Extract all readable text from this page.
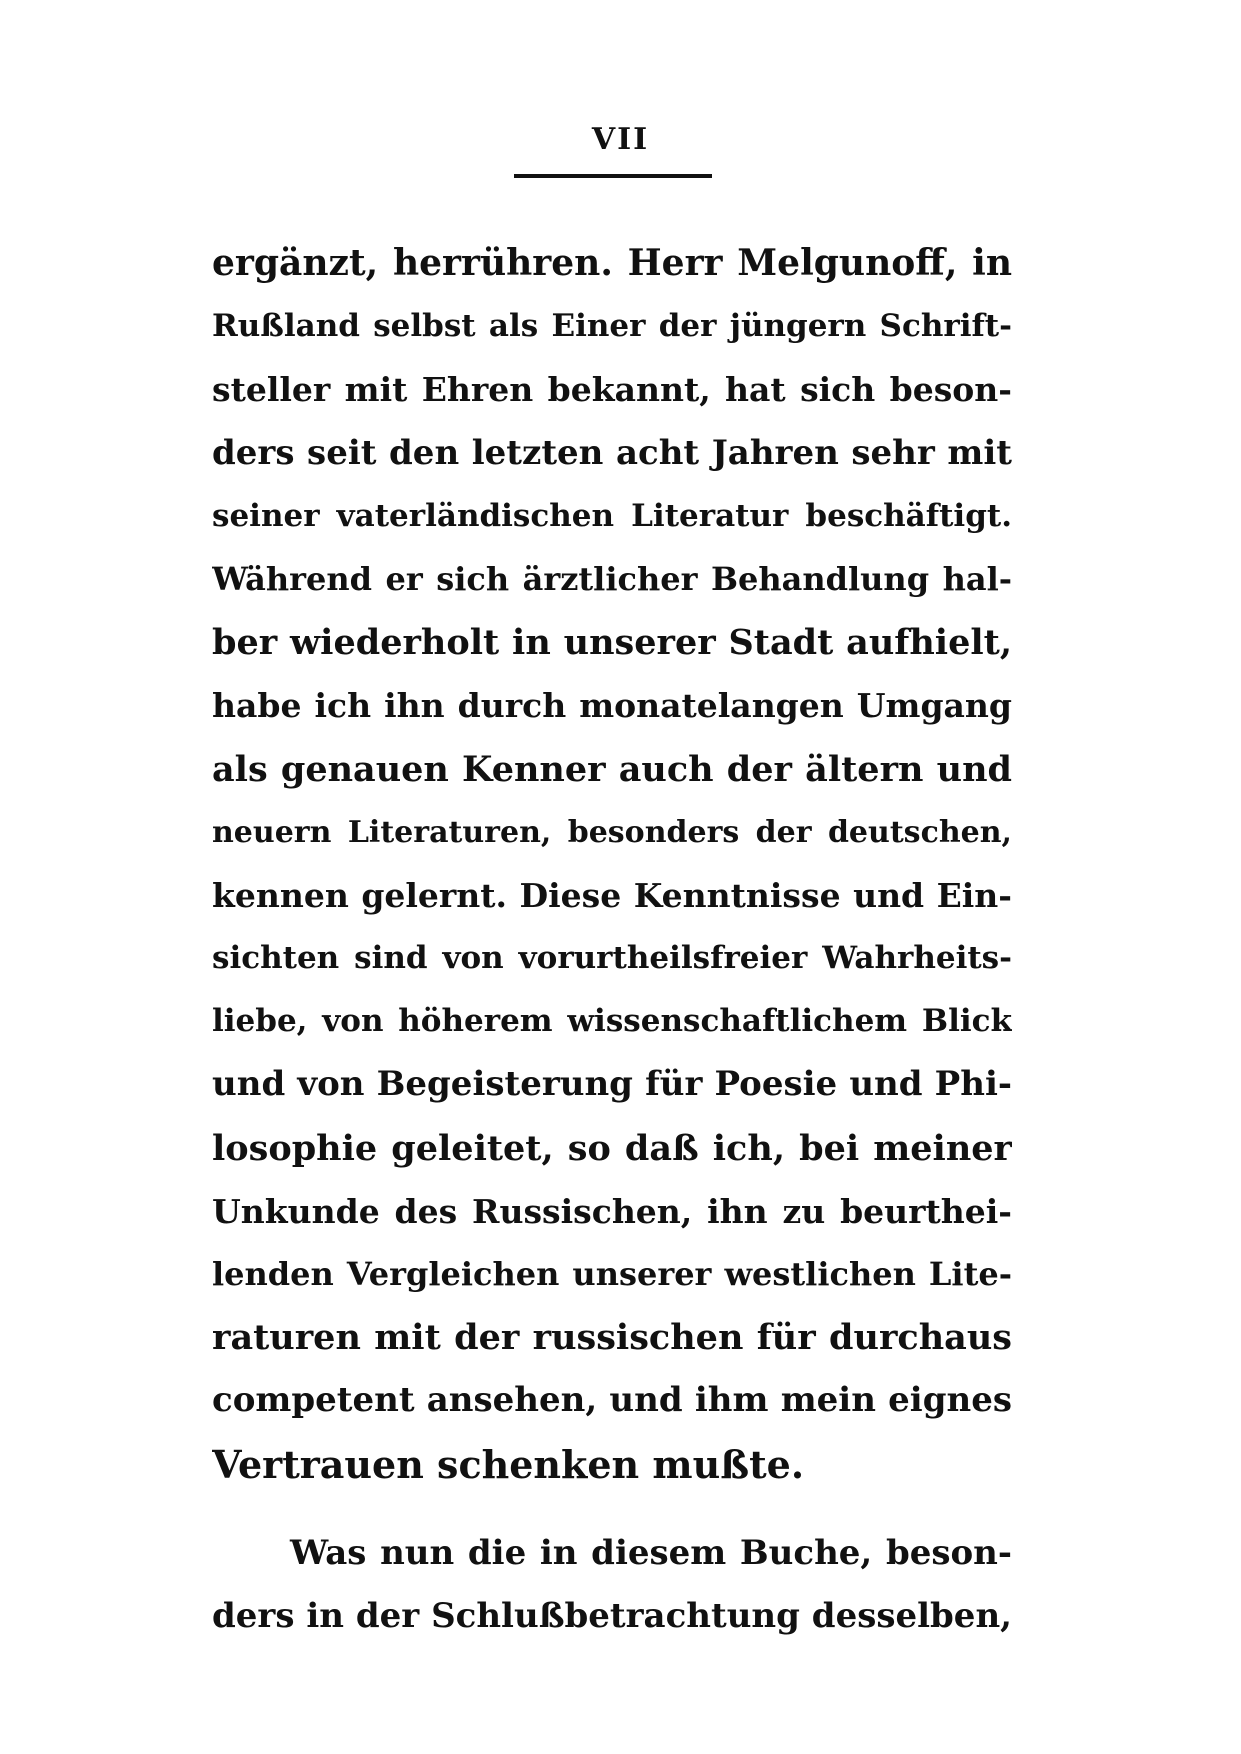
VII
ergänzt, herrühren. Herr Melgunoff, in
Rußland selbst als Einer der jüngern Schrift-
steller mit Ehren bekannt, hat sich beson-
ders seit den letzten acht Jahren sehr mit
seiner vaterländischen Literatur beschäftigt.
Während er sich ärztlicher Behandlung hal-
ber wiederholt in unserer Stadt aufhielt,
habe ich ihn durch monatelangen Umgang
als genauen Kenner auch der ältern und
neuern Literaturen, besonders der deutschen,
kennen gelernt. Diese Kenntnisse und Ein-
sichten sind von vorurtheilsfreier Wahrheits-
liebe, von höherem wissenschaftlichem Blick
und von Begeisterung für Poesie und Phi-
losophie geleitet, so daß ich, bei meiner
Unkunde des Russischen, ihn zu beurthei-
lenden Vergleichen unserer westlichen Lite-
raturen mit der russischen für durchaus
competent ansehen, und ihm mein eignes
Vertrauen schenken mußte.
Was nun die in diesem Buche, beson-
ders in der Schlußbetrachtung desselben,
